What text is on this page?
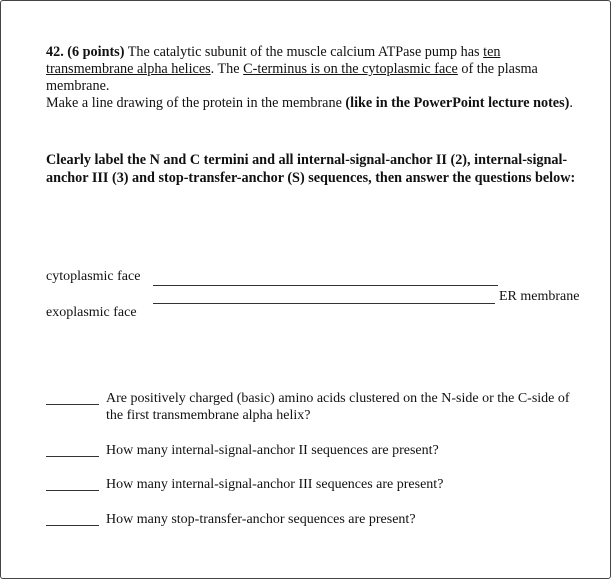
42. (6 points) The catalytic subunit of the muscle calcium ATPase pump has ten transmembrane alpha helices. The C-terminus is on the cytoplasmic face of the plasma membrane.

Make a line drawing of the protein in the membrane (like in the PowerPoint lecture notes).

Clearly label the N and C termini and all internal-signal-anchor II (2), internal-signal-anchor III (3) and stop-transfer-anchor (S) sequences, then answer the questions below:
cytoplasmic face
ER membrane
exoplasmic face
Are positively charged (basic) amino acids clustered on the N-side or the C-side of the first transmembrane alpha helix?
How many internal-signal-anchor II sequences are present?
How many internal-signal-anchor III sequences are present?
How many stop-transfer-anchor sequences are present?
